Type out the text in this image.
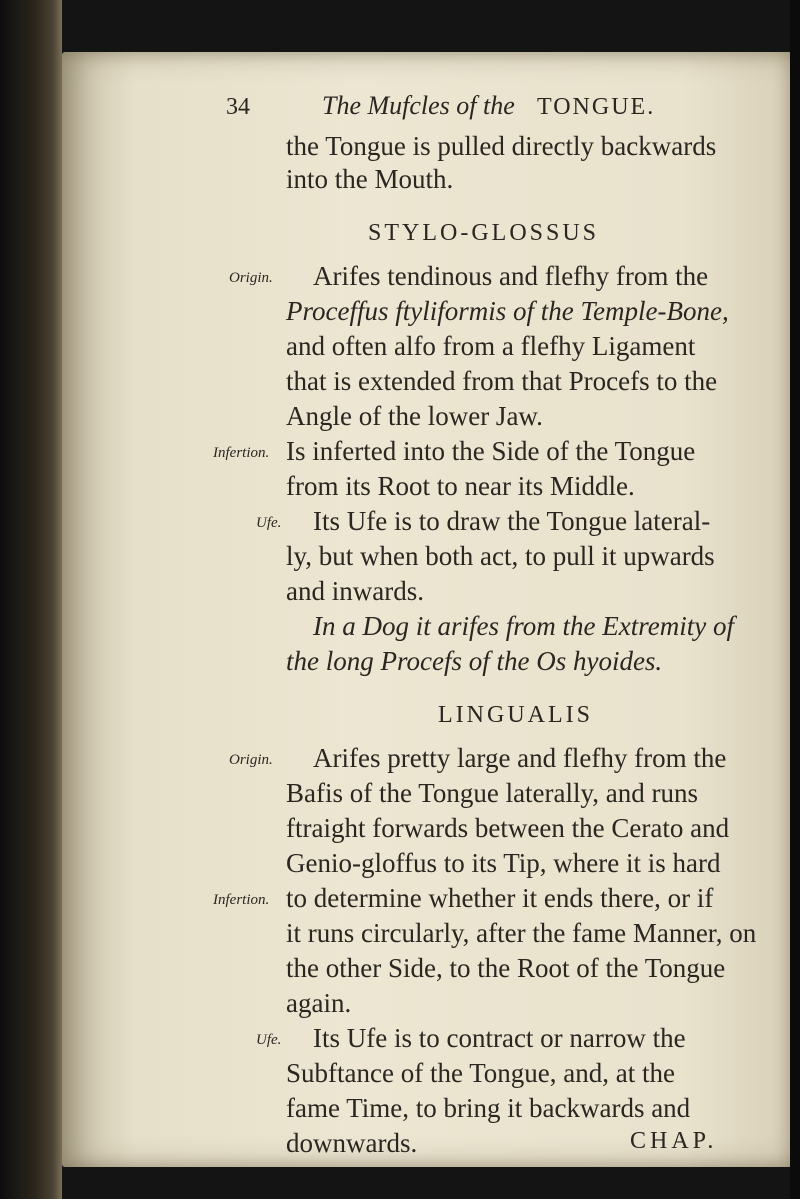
34	The Mufcles of the TONGUE.
the Tongue is pulled directly backwards
into the Mouth.
STYLO-GLOSSUS
Origin. Arifes tendinous and flefhy from the
Proceffus ftyliformis of the Temple-Bone,
and often alfo from a flefhy Ligament
that is extended from that Procefs to the
Angle of the lower Jaw.
Infertion. Is inferted into the Side of the Tongue
from its Root to near its Middle.
Ufe. Its Ufe is to draw the Tongue lateral-
ly, but when both act, to pull it upwards
and inwards.
In a Dog it arifes from the Extremity of
the long Procefs of the Os hyoides.
LINGUALIS
Origin. Arifes pretty large and flefhy from the
Bafis of the Tongue laterally, and runs
ftraight forwards between the Cerato and
Genio-gloffus to its Tip, where it is hard
Infertion. to determine whether it ends there, or if
it runs circularly, after the fame Manner, on
the other Side, to the Root of the Tongue
again.
Ufe. Its Ufe is to contract or narrow the
Subftance of the Tongue, and, at the
fame Time, to bring it backwards and
downwards.	CHAP.
